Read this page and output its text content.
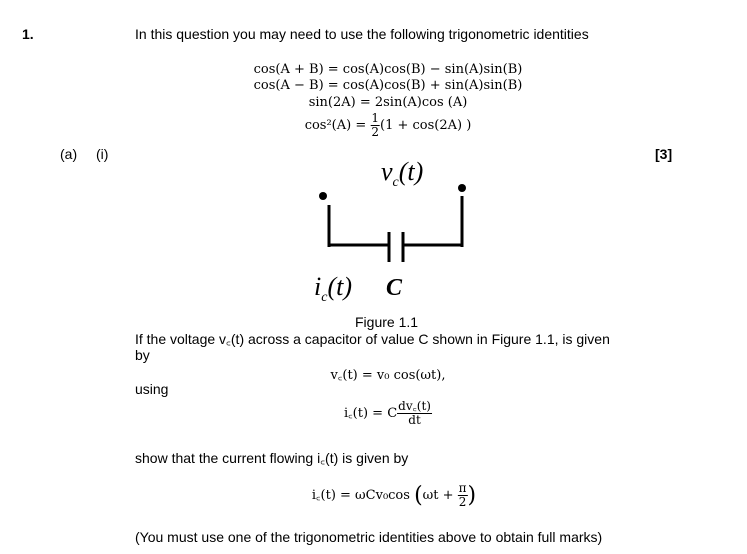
1.	In this question you may need to use the following trigonometric identities
cos(A + B) = cos(A)cos(B) − sin(A)sin(B)
cos(A − B) = cos(A)cos(B) + sin(A)sin(B)
sin(2A) = 2sin(A)cos (A)
$\cos^2(A) = \frac{1}{2} (1 + \cos(2A)$ )
(a) (i)	[3]
$v_c(t)$
$i_c(t)$ C
Figure 1.1
If the voltage v꜀(t) across a capacitor of value C shown in Figure 1.1, is given
by
v꜀(t) = v₀ cos(ωt),
using
i꜀(t) = C $\frac{dv꜀(t)}{dt}$
show that the current flowing i꜀(t) is given by
i꜀(t) = ωCv₀cos ($\omega t + \frac{\pi}{2}$ )
(You must use one of the trigonometric identities above to obtain full marks)
